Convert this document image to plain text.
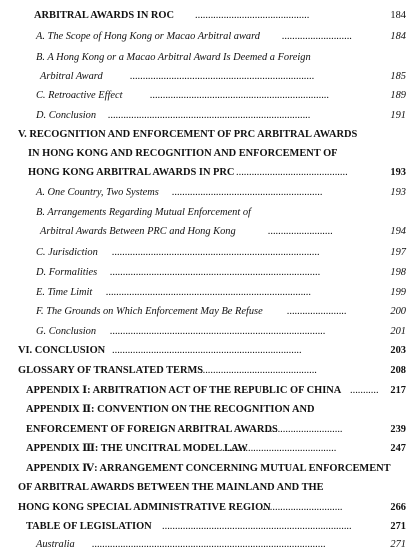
ARBITRAL AWARDS IN ROC ............................................	184
A. The Scope of Hong Kong or Macao Arbitral award ...........................	184
B. A Hong Kong or a Macao Arbitral Award Is Deemed a Foreign
Arbitral Award	.......................................................................	185
C. Retroactive Effect	.....................................................................	189
D. Conclusion ..............................................................................	191
V. RECOGNITION AND ENFORCEMENT OF PRC ARBITRAL AWARDS
IN HONG KONG AND RECOGNITION AND ENFORCEMENT OF
HONG KONG ARBITRAL AWARDS IN PRC ...........................................	193
A. One Country, Two Systems ..........................................................	193
B. Arrangements Regarding Mutual Enforcement of
Arbitral Awards Between PRC and Hong Kong	.........................	194
C. Jurisdiction ................................................................................	197
D. Formalities .................................................................................	198
E. Time Limit ...............................................................................	199
F. The Grounds on Which Enforcement May Be Refuse .......................	200
G. Conclusion ...................................................................................	201
VI. CONCLUSION .........................................................................	203
GLOSSARY OF TRANSLATED TERMS
.............................................	208
APPENDIX Ⅰ: ARBITRATION ACT OF THE REPUBLIC OF CHINA ........... 217
APPENDIX Ⅱ: CONVENTION ON THE RECOGNITION AND
ENFORCEMENT OF FOREIGN ARBITRAL AWARDS
...............................	239
APPENDIX Ⅲ: THE UNCITRAL MODEL LAW
............................................	247
APPENDIX Ⅳ: ARRANGEMENT CONCERNING MUTUAL ENFORCEMENT
OF ARBITRAL AWARDS BETWEEN THE MAINLAND AND THE
HONG KONG SPECIAL ADMINISTRATIVE REGION
...............................	266
TABLE OF LEGISLATION .........................................................................	271
Australia ..........................................................................................	271
